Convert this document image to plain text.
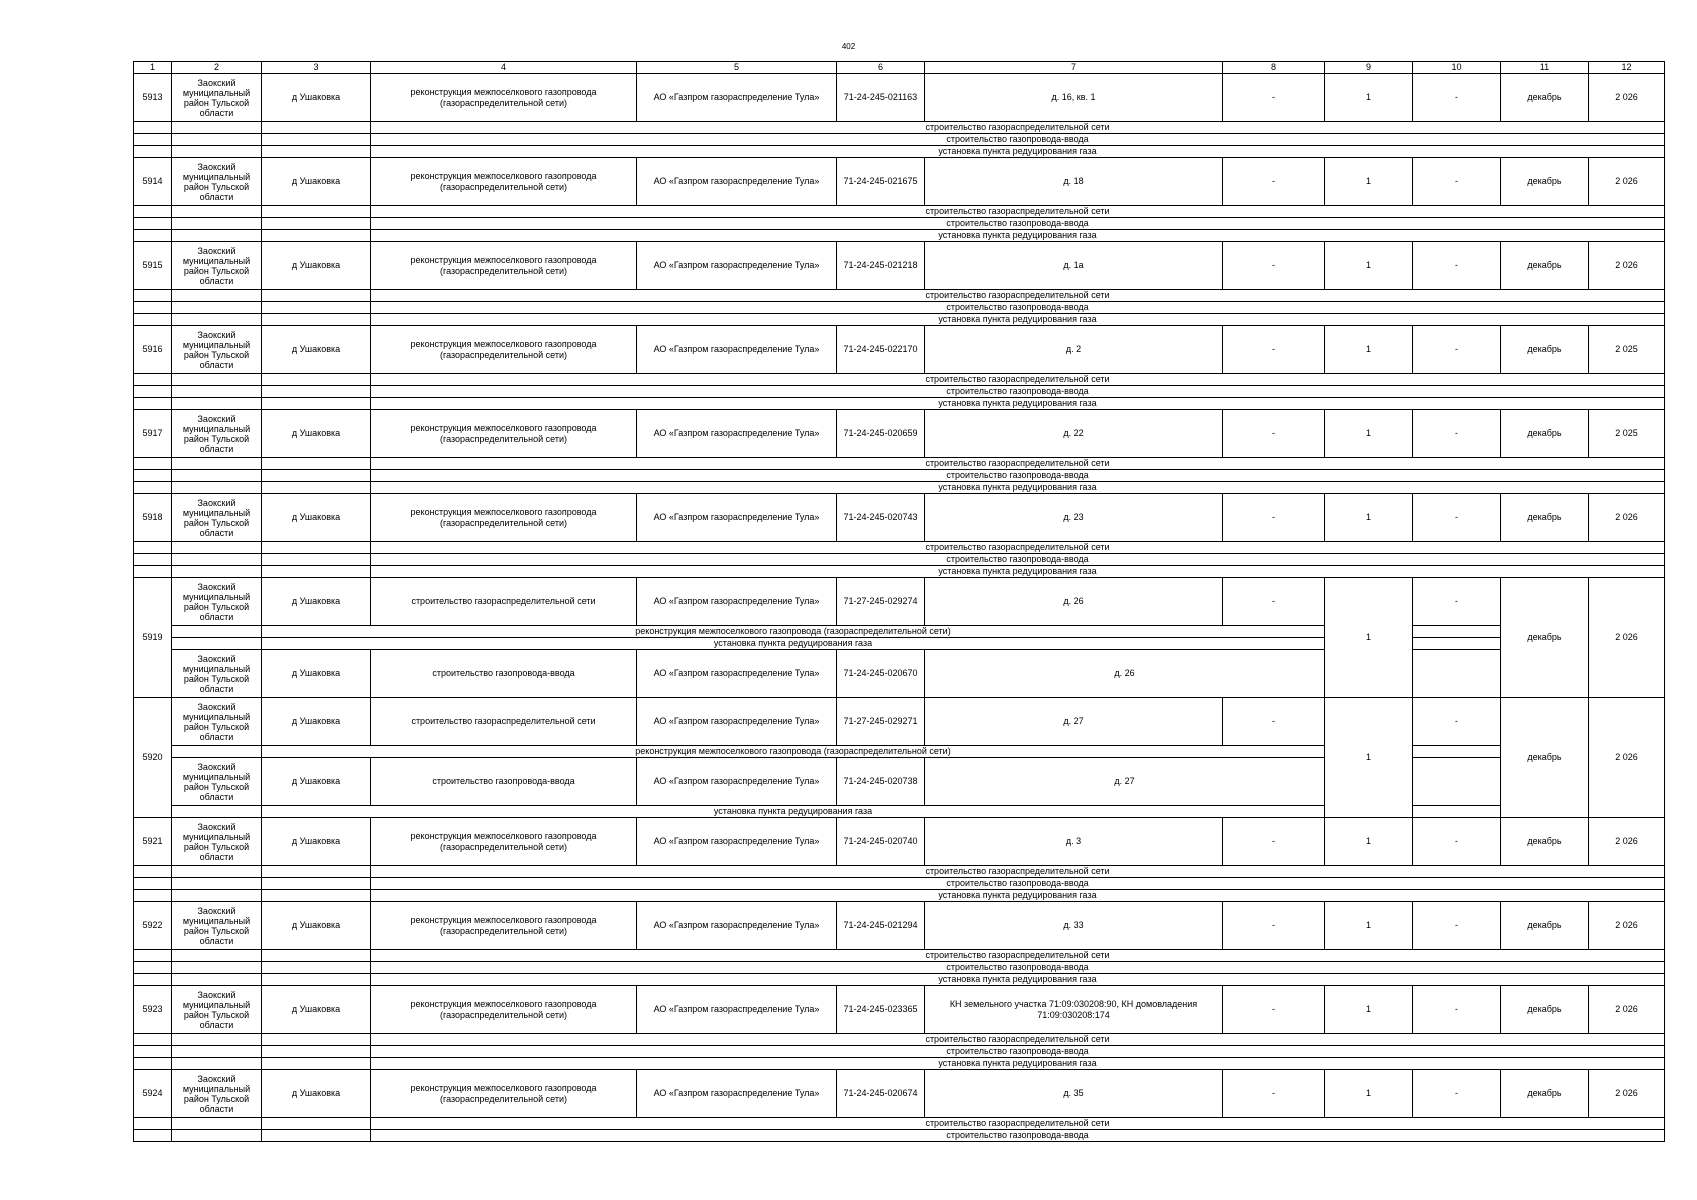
402
1	2	3	4	5	6	7	8	9	10	11	12
5913	Заокский муниципальный район Тульской области	д Ушаковка	реконструкция межпоселкового газопровода (газораспределительной сети)	АО «Газпром газораспределение Тула»	71-24-245-021163	д. 16, кв. 1	-	1	-	декабрь	2 026
			строительство газораспределительной сети								
			строительство газопровода-ввода								
			установка пункта редуцирования газа								
5914	Заокский муниципальный район Тульской области	д Ушаковка	реконструкция межпоселкового газопровода (газораспределительной сети)	АО «Газпром газораспределение Тула»	71-24-245-021675	д. 18	-	1	-	декабрь	2 026
			строительство газораспределительной сети								
			строительство газопровода-ввода								
			установка пункта редуцирования газа								
5915	Заокский муниципальный район Тульской области	д Ушаковка	реконструкция межпоселкового газопровода (газораспределительной сети)	АО «Газпром газораспределение Тула»	71-24-245-021218	д. 1а	-	1	-	декабрь	2 026
			строительство газораспределительной сети								
			строительство газопровода-ввода								
			установка пункта редуцирования газа								
5916	Заокский муниципальный район Тульской области	д Ушаковка	реконструкция межпоселкового газопровода (газораспределительной сети)	АО «Газпром газораспределение Тула»	71-24-245-022170	д. 2	-	1	-	декабрь	2 025
			строительство газораспределительной сети								
			строительство газопровода-ввода								
			установка пункта редуцирования газа								
5917	Заокский муниципальный район Тульской области	д Ушаковка	реконструкция межпоселкового газопровода (газораспределительной сети)	АО «Газпром газораспределение Тула»	71-24-245-020659	д. 22	-	1	-	декабрь	2 025
			строительство газораспределительной сети								
			строительство газопровода-ввода								
			установка пункта редуцирования газа								
5918	Заокский муниципальный район Тульской области	д Ушаковка	реконструкция межпоселкового газопровода (газораспределительной сети)	АО «Газпром газораспределение Тула»	71-24-245-020743	д. 23	-	1	-	декабрь	2 026
			строительство газораспределительной сети								
			строительство газопровода-ввода								
			установка пункта редуцирования газа								
5919	Заокский муниципальный район Тульской области	д Ушаковка	строительство газораспределительной сети	АО «Газпром газораспределение Тула»	71-27-245-029274	д. 26	-	1	-	декабрь	2 026
		реконструкция межпоселкового газопровода (газораспределительной сети)									
		установка пункта редуцирования газа									
	Заокский муниципальный район Тульской области	д Ушаковка	строительство газопровода-ввода	АО «Газпром газораспределение Тула»	71-24-245-020670	д. 26					
5920	Заокский муниципальный район Тульской области	д Ушаковка	строительство газораспределительной сети	АО «Газпром газораспределение Тула»	71-27-245-029271	д. 27	-	1	-	декабрь	2 026
		реконструкция межпоселкового газопровода (газораспределительной сети)									
	Заокский муниципальный район Тульской области	д Ушаковка	строительство газопровода-ввода	АО «Газпром газораспределение Тула»	71-24-245-020738	д. 27					
		установка пункта редуцирования газа									
5921	Заокский муниципальный район Тульской области	д Ушаковка	реконструкция межпоселкового газопровода (газораспределительной сети)	АО «Газпром газораспределение Тула»	71-24-245-020740	д. 3	-	1	-	декабрь	2 026
			строительство газораспределительной сети								
			строительство газопровода-ввода								
			установка пункта редуцирования газа								
5922	Заокский муниципальный район Тульской области	д Ушаковка	реконструкция межпоселкового газопровода (газораспределительной сети)	АО «Газпром газораспределение Тула»	71-24-245-021294	д. 33	-	1	-	декабрь	2 026
			строительство газораспределительной сети								
			строительство газопровода-ввода								
			установка пункта редуцирования газа								
5923	Заокский муниципальный район Тульской области	д Ушаковка	реконструкция межпоселкового газопровода (газораспределительной сети)	АО «Газпром газораспределение Тула»	71-24-245-023365	КН земельного участка 71:09:030208:90, КН домовладения 71:09:030208:174	-	1	-	декабрь	2 026
			строительство газораспределительной сети								
			строительство газопровода-ввода								
			установка пункта редуцирования газа								
5924	Заокский муниципальный район Тульской области	д Ушаковка	реконструкция межпоселкового газопровода (газораспределительной сети)	АО «Газпром газораспределение Тула»	71-24-245-020674	д. 35	-	1	-	декабрь	2 026
			строительство газораспределительной сети								
			строительство газопровода-ввода								
